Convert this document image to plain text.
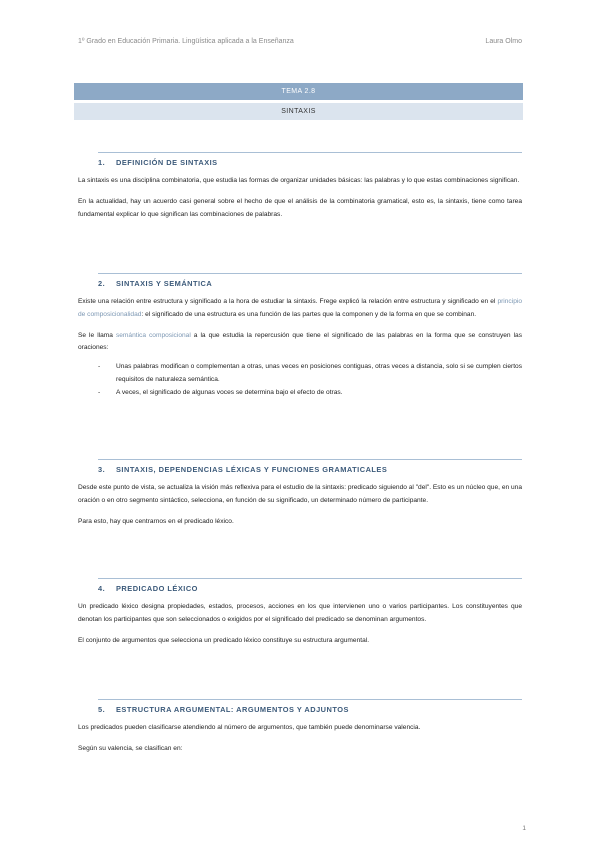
1º Grado en Educación Primaria. Lingüística aplicada a la Enseñanza	Laura Olmo
TEMA 2.8
SINTAXIS
1. DEFINICIÓN DE SINTAXIS

La sintaxis es una disciplina combinatoria, que estudia las formas de organizar unidades básicas: las palabras y lo que estas combinaciones significan.

En la actualidad, hay un acuerdo casi general sobre el hecho de que el análisis de la combinatoria gramatical, esto es, la sintaxis, tiene como tarea fundamental explicar lo que significan las combinaciones de palabras.

2. SINTAXIS Y SEMÁNTICA

Existe una relación entre estructura y significado a la hora de estudiar la sintaxis. Frege explicó la relación entre estructura y significado en el principio de composicionalidad: el significado de una estructura es una función de las partes que la componen y de la forma en que se combinan.

Se le llama semántica composicional a la que estudia la repercusión que tiene el significado de las palabras en la forma que se construyen las oraciones:

- Unas palabras modifican o complementan a otras, unas veces en posiciones contiguas, otras veces a distancia, solo si se cumplen ciertos requisitos de naturaleza semántica.
- A veces, el significado de algunas voces se determina bajo el efecto de otras.
3. SINTAXIS, DEPENDENCIAS LÉXICAS Y FUNCIONES GRAMATICALES

Desde este punto de vista, se actualiza la visión más reflexiva para el estudio de la sintaxis: predicado siguiendo al "del". Esto es un núcleo que, en una oración o en otro segmento sintáctico, selecciona, en función de su significado, un determinado número de participante.

Para esto, hay que centrarnos en el predicado léxico.

4. PREDICADO LÉXICO

Un predicado léxico designa propiedades, estados, procesos, acciones en los que intervienen uno o varios participantes. Los constituyentes que denotan los participantes que son seleccionados o exigidos por el significado del predicado se denominan argumentos.

El conjunto de argumentos que selecciona un predicado léxico constituye su estructura argumental.

5. ESTRUCTURA ARGUMENTAL: ARGUMENTOS Y ADJUNTOS

Los predicados pueden clasificarse atendiendo al número de argumentos, que también puede denominarse valencia.

Según su valencia, se clasifican en:

1
